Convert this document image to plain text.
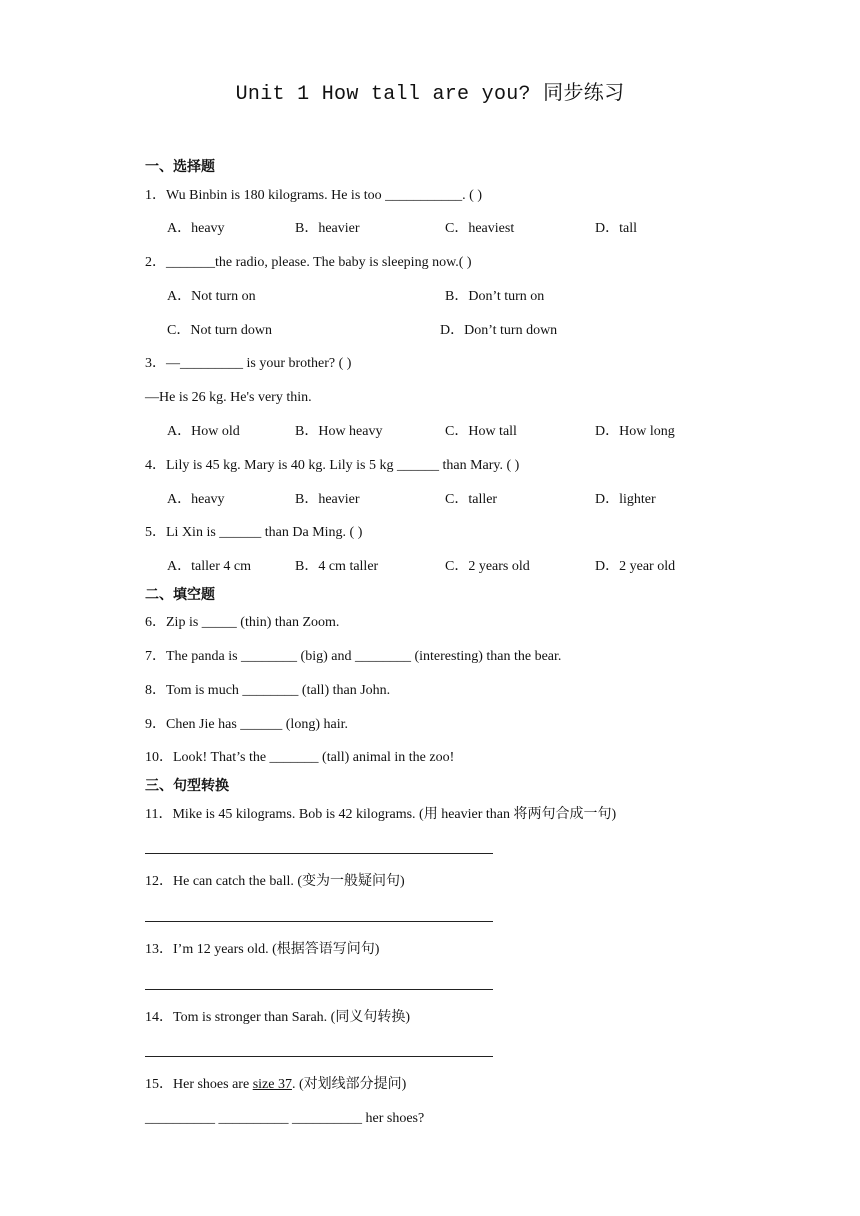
Unit 1 How tall are you? 同步练习
一、选择题
1．Wu Binbin is 180 kilograms. He is too ___________. ( )
A．heavy	B．heavier	C．heaviest	D．tall
2．_______the radio, please. The baby is sleeping now.( )
A．Not turn on	B．Don’t turn on
C．Not turn down	D．Don’t turn down
3．—_________ is your brother? ( )
—He is 26 kg. He's very thin.
A．How old	B．How heavy	C．How tall	D．How long
4．Lily is 45 kg. Mary is 40 kg. Lily is 5 kg ______ than Mary. ( )
A．heavy	B．heavier	C．taller	D．lighter
5．Li Xin is ______ than Da Ming. ( )
A．taller 4 cm	B．4 cm taller	C．2 years old	D．2 year old
二、填空题
6．Zip is _____ (thin) than Zoom.
7．The panda is ________ (big) and ________ (interesting) than the bear.
8．Tom is much ________ (tall) than John.
9．Chen Jie has ______ (long) hair.
10．Look! That’s the _______ (tall) animal in the zoo!
三、句型转换
11．Mike is 45 kilograms. Bob is 42 kilograms. (用 heavier than 将两句合成一句)
12．He can catch the ball. (变为一般疑问句)
13．I’m 12 years old. (根据答语写问句)
14．Tom is stronger than Sarah. (同义句转换)
15．Her shoes are size 37. (对划线部分提问)
__________ __________ __________ her shoes?
